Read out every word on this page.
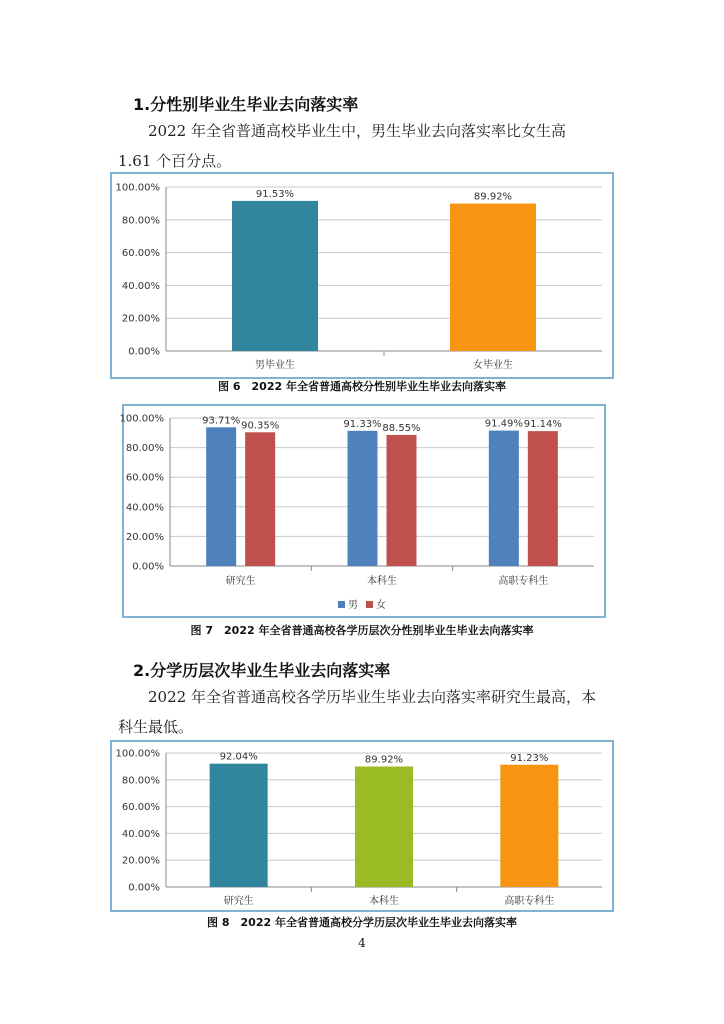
1.分性别毕业生毕业去向落实率
2022 年全省普通高校毕业生中，男生毕业去向落实率比女生高 1.61 个百分点。
0.00%
20.00%
40.00%
60.00%
80.00%
100.00%
男毕业生
91.53%
女毕业生
89.92%
图 6　2022 年全省普通高校分性别毕业生毕业去向落实率
0.00%
20.00%
40.00%
60.00%
80.00%
100.00%
研究生
93.71% 90.35%
本科生
91.33% 88.55%
高职专科生
91.49% 91.14%
男 女
图 7　2022 年全省普通高校各学历层次分性别毕业生毕业去向落实率
2.分学历层次毕业生毕业去向落实率
2022 年全省普通高校各学历毕业生毕业去向落实率研究生最高，本科生最低。
0.00%
20.00%
40.00%
60.00%
80.00%
100.00%
研究生
92.04%
本科生
89.92%
高职专科生
91.23%
图 8　2022 年全省普通高校分学历层次毕业生毕业去向落实率
4
